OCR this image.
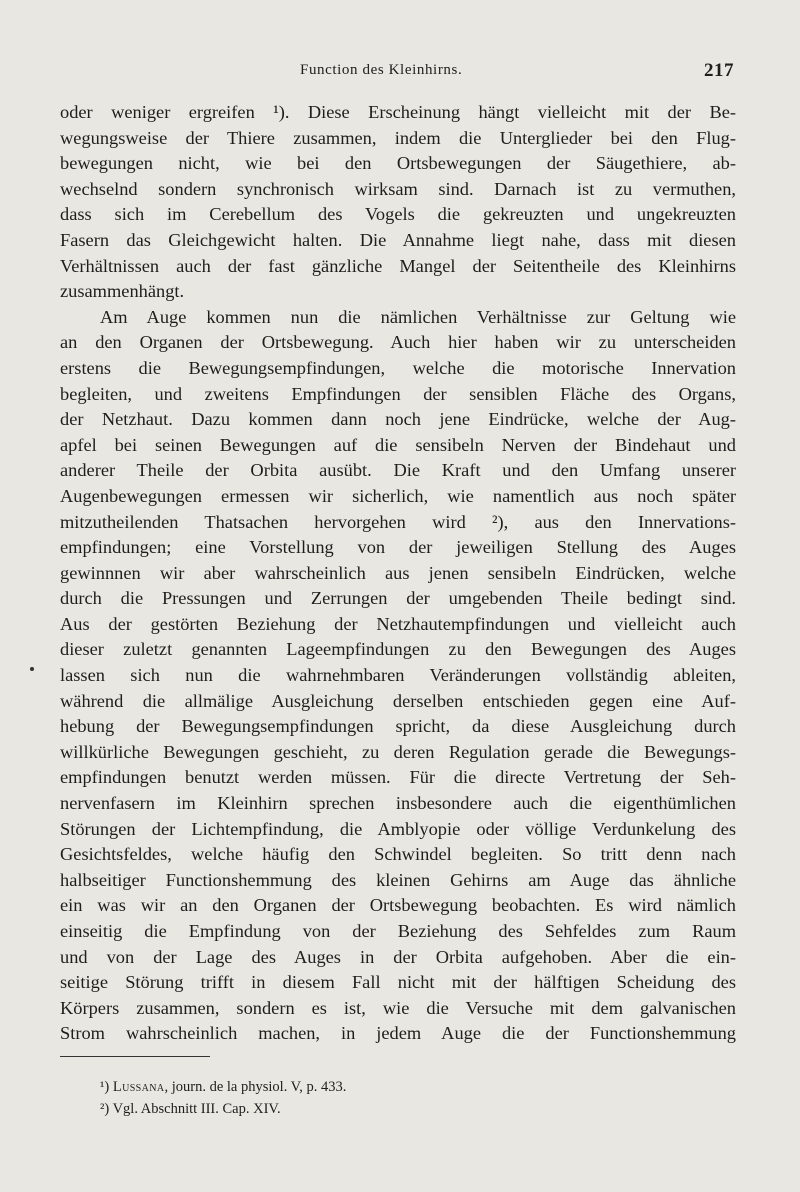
Function des Kleinhirns.	217
oder weniger ergreifen ¹). Diese Erscheinung hängt vielleicht mit der Be-
wegungsweise der Thiere zusammen, indem die Unterglieder bei den Flug-
bewegungen nicht, wie bei den Ortsbewegungen der Säugethiere, ab-
wechselnd sondern synchronisch wirksam sind. Darnach ist zu vermuthen,
dass sich im Cerebellum des Vogels die gekreuzten und ungekreuzten
Fasern das Gleichgewicht halten. Die Annahme liegt nahe, dass mit diesen
Verhältnissen auch der fast gänzliche Mangel der Seitentheile des Kleinhirns
zusammenhängt.
Am Auge kommen nun die nämlichen Verhältnisse zur Geltung wie
an den Organen der Ortsbewegung. Auch hier haben wir zu unterscheiden
erstens die Bewegungsempfindungen, welche die motorische Innervation
begleiten, und zweitens Empfindungen der sensiblen Fläche des Organs,
der Netzhaut. Dazu kommen dann noch jene Eindrücke, welche der Aug-
apfel bei seinen Bewegungen auf die sensibeln Nerven der Bindehaut und
anderer Theile der Orbita ausübt. Die Kraft und den Umfang unserer
Augenbewegungen ermessen wir sicherlich, wie namentlich aus noch später
mitzutheilenden Thatsachen hervorgehen wird ²), aus den Innervations-
empfindungen; eine Vorstellung von der jeweiligen Stellung des Auges
gewinnnen wir aber wahrscheinlich aus jenen sensibeln Eindrücken, welche
durch die Pressungen und Zerrungen der umgebenden Theile bedingt sind.
Aus der gestörten Beziehung der Netzhautempfindungen und vielleicht auch
dieser zuletzt genannten Lageempfindungen zu den Bewegungen des Auges
lassen sich nun die wahrnehmbaren Veränderungen vollständig ableiten,
während die allmälige Ausgleichung derselben entschieden gegen eine Auf-
hebung der Bewegungsempfindungen spricht, da diese Ausgleichung durch
willkürliche Bewegungen geschieht, zu deren Regulation gerade die Bewegungs-
empfindungen benutzt werden müssen. Für die directe Vertretung der Seh-
nervenfasern im Kleinhirn sprechen insbesondere auch die eigenthümlichen
Störungen der Lichtempfindung, die Amblyopie oder völlige Verdunkelung des
Gesichtsfeldes, welche häufig den Schwindel begleiten. So tritt denn nach
halbseitiger Functionshemmung des kleinen Gehirns am Auge das ähnliche
ein was wir an den Organen der Ortsbewegung beobachten. Es wird nämlich
einseitig die Empfindung von der Beziehung des Sehfeldes zum Raum
und von der Lage des Auges in der Orbita aufgehoben. Aber die ein-
seitige Störung trifft in diesem Fall nicht mit der hälftigen Scheidung des
Körpers zusammen, sondern es ist, wie die Versuche mit dem galvanischen
Strom wahrscheinlich machen, in jedem Auge die der Functionshemmung
¹) Lussana, journ. de la physiol. V, p. 433.
²) Vgl. Abschnitt III. Cap. XIV.
